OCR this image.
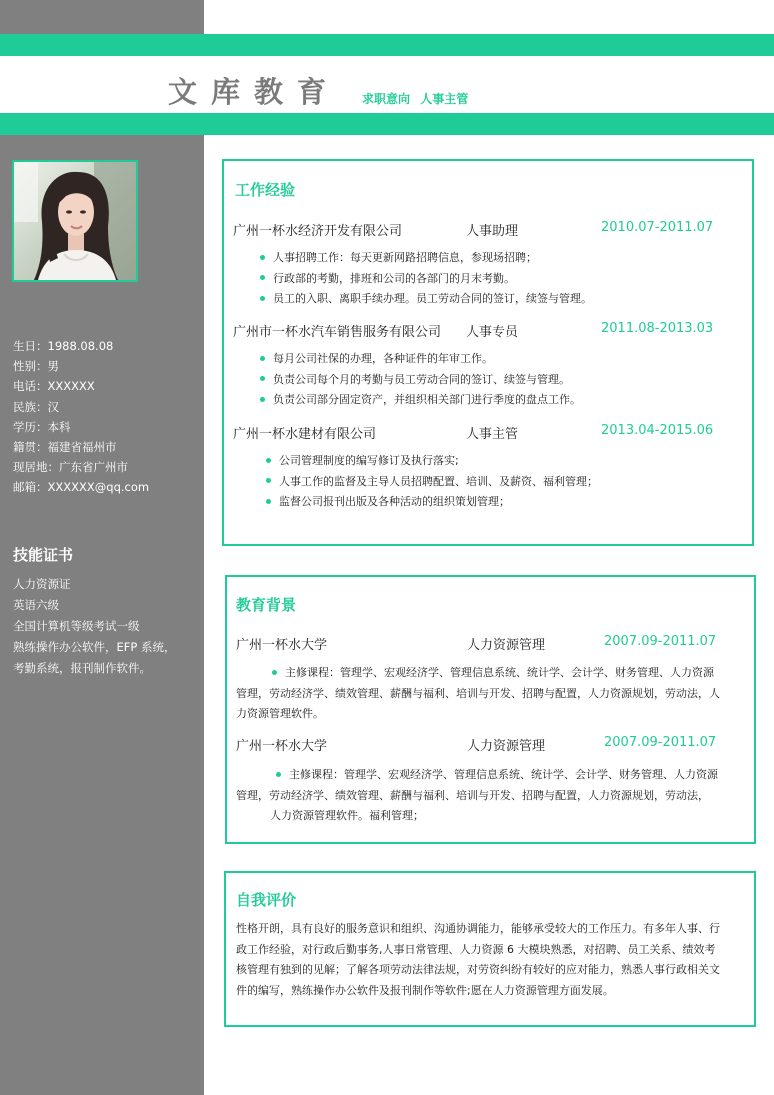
文库教育 求职意向 人事主管
生日：1988.08.08
性别：男
电话：XXXXXX
民族：汉
学历：本科
籍贯：福建省福州市
现居地：广东省广州市
邮箱：XXXXXX@qq.com
技能证书
人力资源证
英语六级
全国计算机等级考试一级
熟练操作办公软件，EFP 系统，
考勤系统，报刊制作软件。
工作经验
广州一杯水经济开发有限公司	人事助理	2010.07-2011.07
人事招聘工作：每天更新网路招聘信息，参现场招聘；
行政部的考勤，排班和公司的各部门的月末考勤。
员工的入职、离职手续办理。员工劳动合同的签订，续签与管理。
广州市一杯水汽车销售服务有限公司 人事专员	2011.08-2013.03
每月公司社保的办理，各种证件的年审工作。
负责公司每个月的考勤与员工劳动合同的签订、续签与管理。
负责公司部分固定资产，并组织相关部门进行季度的盘点工作。
广州一杯水建材有限公司	人事主管	2013.04-2015.06
公司管理制度的编写修订及执行落实;
人事工作的监督及主导人员招聘配置、培训、及薪资、福利管理；
监督公司报刊出版及各种活动的组织策划管理；
教育背景
广州一杯水大学	人力资源管理	2007.09-2011.07
主修课程：管理学、宏观经济学、管理信息系统、统计学、会计学、财务管理、人力资源
管理，劳动经济学、绩效管理、薪酬与福利、培训与开发、招聘与配置，人力资源规划，劳动法，人
力资源管理软件。
广州一杯水大学	人力资源管理	2007.09-2011.07
主修课程：管理学、宏观经济学、管理信息系统、统计学、会计学、财务管理、人力资源
管理，劳动经济学、绩效管理、薪酬与福利、培训与开发、招聘与配置，人力资源规划，劳动法，
人力资源管理软件。福利管理；
自我评价
性格开朗，具有良好的服务意识和组织、沟通协调能力，能够承受较大的工作压力。有多年人事、行
政工作经验，对行政后勤事务,人事日常管理、人力资源 6 大模块熟悉，对招聘、员工关系、绩效考
核管理有独到的见解；了解各项劳动法律法规，对劳资纠纷有较好的应对能力，熟悉人事行政相关文
件的编写，熟练操作办公软件及报刊制作等软件;愿在人力资源管理方面发展。
